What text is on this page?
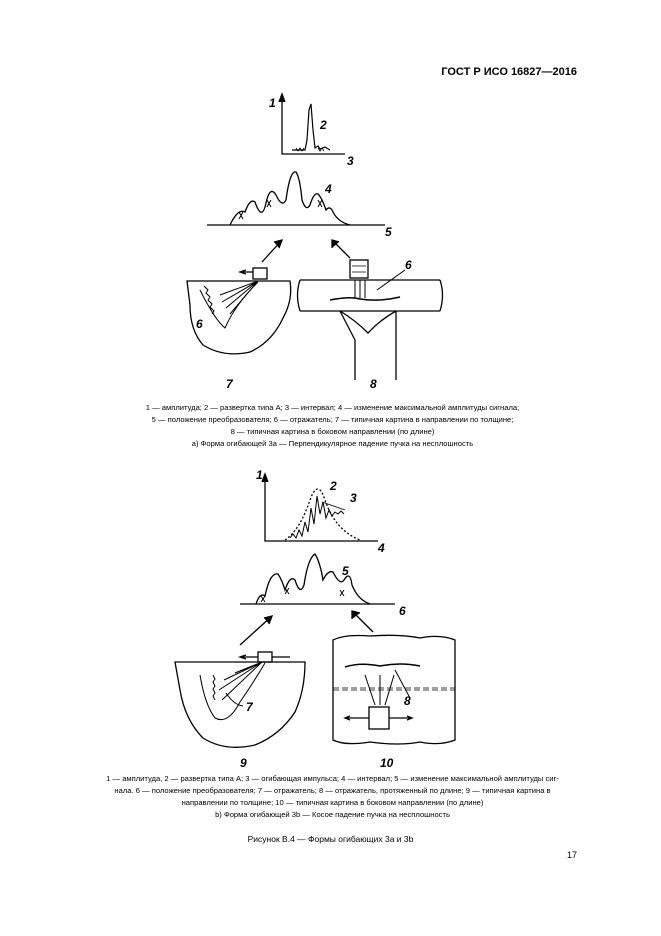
ГОСТ Р ИСО 16827—2016
1
2
3
4
5
6
6
7	8

1 — амплитуда; 2 — развертка типа А; 3 — интервал; 4 — изменение максимальной амплитуды сигнала;

5 — положение преобразователя; 6 — отражатель; 7 — типичная картина в направлении по толщине;

8 — типичная картина в боковом направлении (по длине)

а) Форма огибающей 3а — Перпендикулярное падение пучка на несплошность

1
2
3
4
5
6
7	8
9	10

1 — амплитуда, 2 — развертка типа А; 3 — огибающая импульса; 4 — интервал; 5 — изменение максимальной амплитуды сиг-

нала. 6 — положение преобразователя; 7 — отражатель; 8 — отражатель, протяженный по длине; 9 — типичная картина в

направлении по толщине; 10 — типичная картина в боковом направлении (по длине)

b) Форма огибающей 3b — Косое падение пучка на несплошность

Рисунок В.4 — Формы огибающих 3а и 3b
17
